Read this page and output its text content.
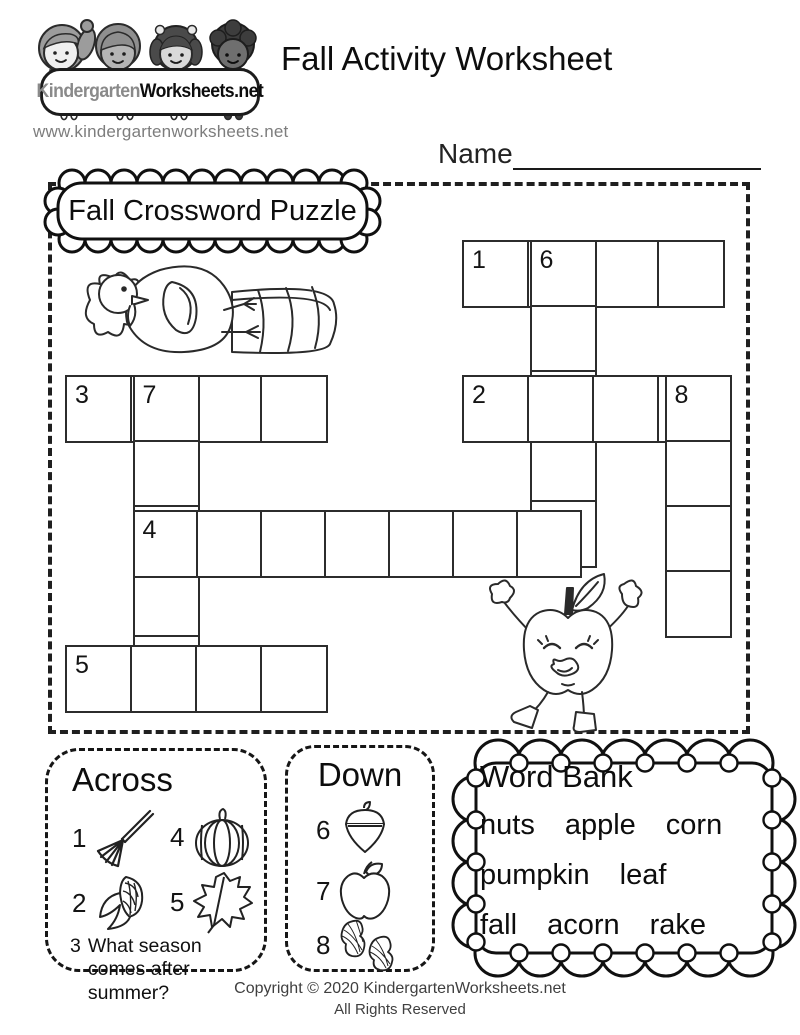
KindergartenWorksheets.net
www.kindergartenworksheets.net
Fall Activity Worksheet
Name
Fall Crossword Puzzle
1 6
3 7	2	8
4
5
Across
1	4
2	5
3 What season comes after summer?
Down
6
7
8
Word Bank
nuts apple corn
pumpkin leaf
fall acorn rake
Copyright © 2020 KindergartenWorksheets.net
All Rights Reserved
